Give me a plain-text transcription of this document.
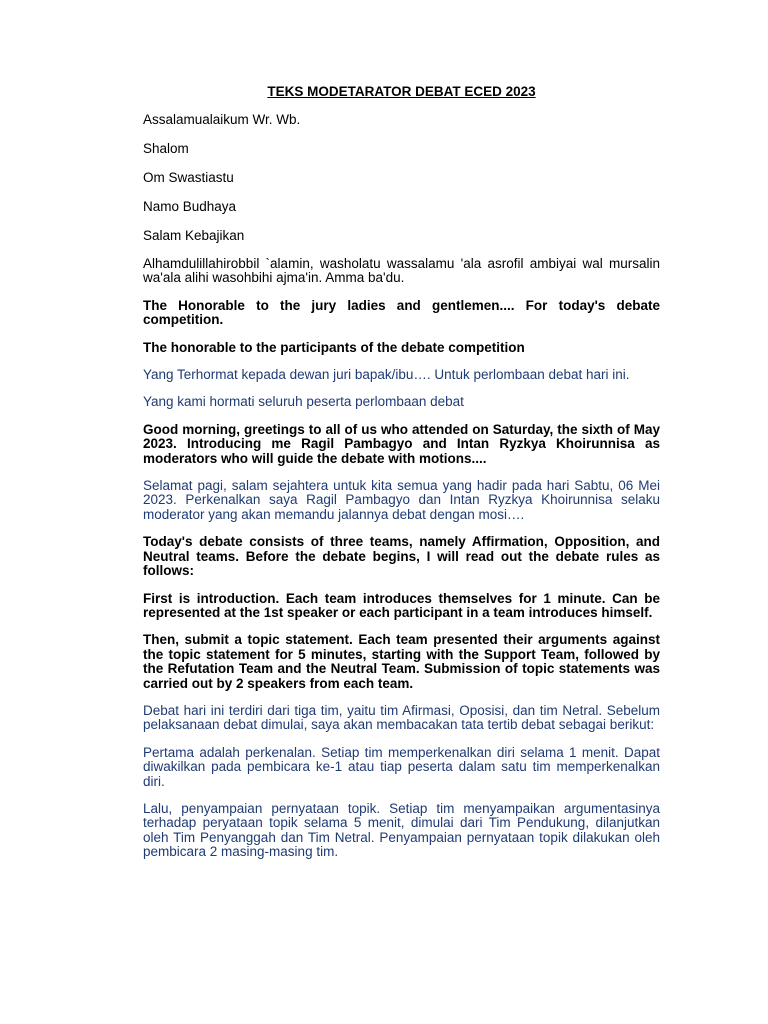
TEKS MODETARATOR DEBAT ECED 2023
Assalamualaikum Wr. Wb.
Shalom
Om Swastiastu
Namo Budhaya
Salam Kebajikan

Alhamdulillahirobbil `alamin, washolatu wassalamu 'ala asrofil ambiyai wal mursalin wa'ala alihi wasohbihi ajma'in. Amma ba'du.

The Honorable to the jury ladies and gentlemen.... For today's debate competition.

The honorable to the participants of the debate competition

Yang Terhormat kepada dewan juri bapak/ibu…. Untuk perlombaan debat hari ini.

Yang kami hormati seluruh peserta perlombaan debat

Good morning, greetings to all of us who attended on Saturday, the sixth of May 2023. Introducing me Ragil Pambagyo and Intan Ryzkya Khoirunnisa as moderators who will guide the debate with motions....

Selamat pagi, salam sejahtera untuk kita semua yang hadir pada hari Sabtu, 06 Mei 2023. Perkenalkan saya Ragil Pambagyo dan Intan Ryzkya Khoirunnisa selaku moderator yang akan memandu jalannya debat dengan mosi….

Today's debate consists of three teams, namely Affirmation, Opposition, and Neutral teams. Before the debate begins, I will read out the debate rules as follows:

First is introduction. Each team introduces themselves for 1 minute. Can be represented at the 1st speaker or each participant in a team introduces himself.

Then, submit a topic statement. Each team presented their arguments against the topic statement for 5 minutes, starting with the Support Team, followed by the Refutation Team and the Neutral Team. Submission of topic statements was carried out by 2 speakers from each team.

Debat hari ini terdiri dari tiga tim, yaitu tim Afirmasi, Oposisi, dan tim Netral. Sebelum pelaksanaan debat dimulai, saya akan membacakan tata tertib debat sebagai berikut:

Pertama adalah perkenalan. Setiap tim memperkenalkan diri selama 1 menit. Dapat diwakilkan pada pembicara ke-1 atau tiap peserta dalam satu tim memperkenalkan diri.

Lalu, penyampaian pernyataan topik. Setiap tim menyampaikan argumentasinya terhadap peryataan topik selama 5 menit, dimulai dari Tim Pendukung, dilanjutkan oleh Tim Penyanggah dan Tim Netral. Penyampaian pernyataan topik dilakukan oleh pembicara 2 masing-masing tim.
